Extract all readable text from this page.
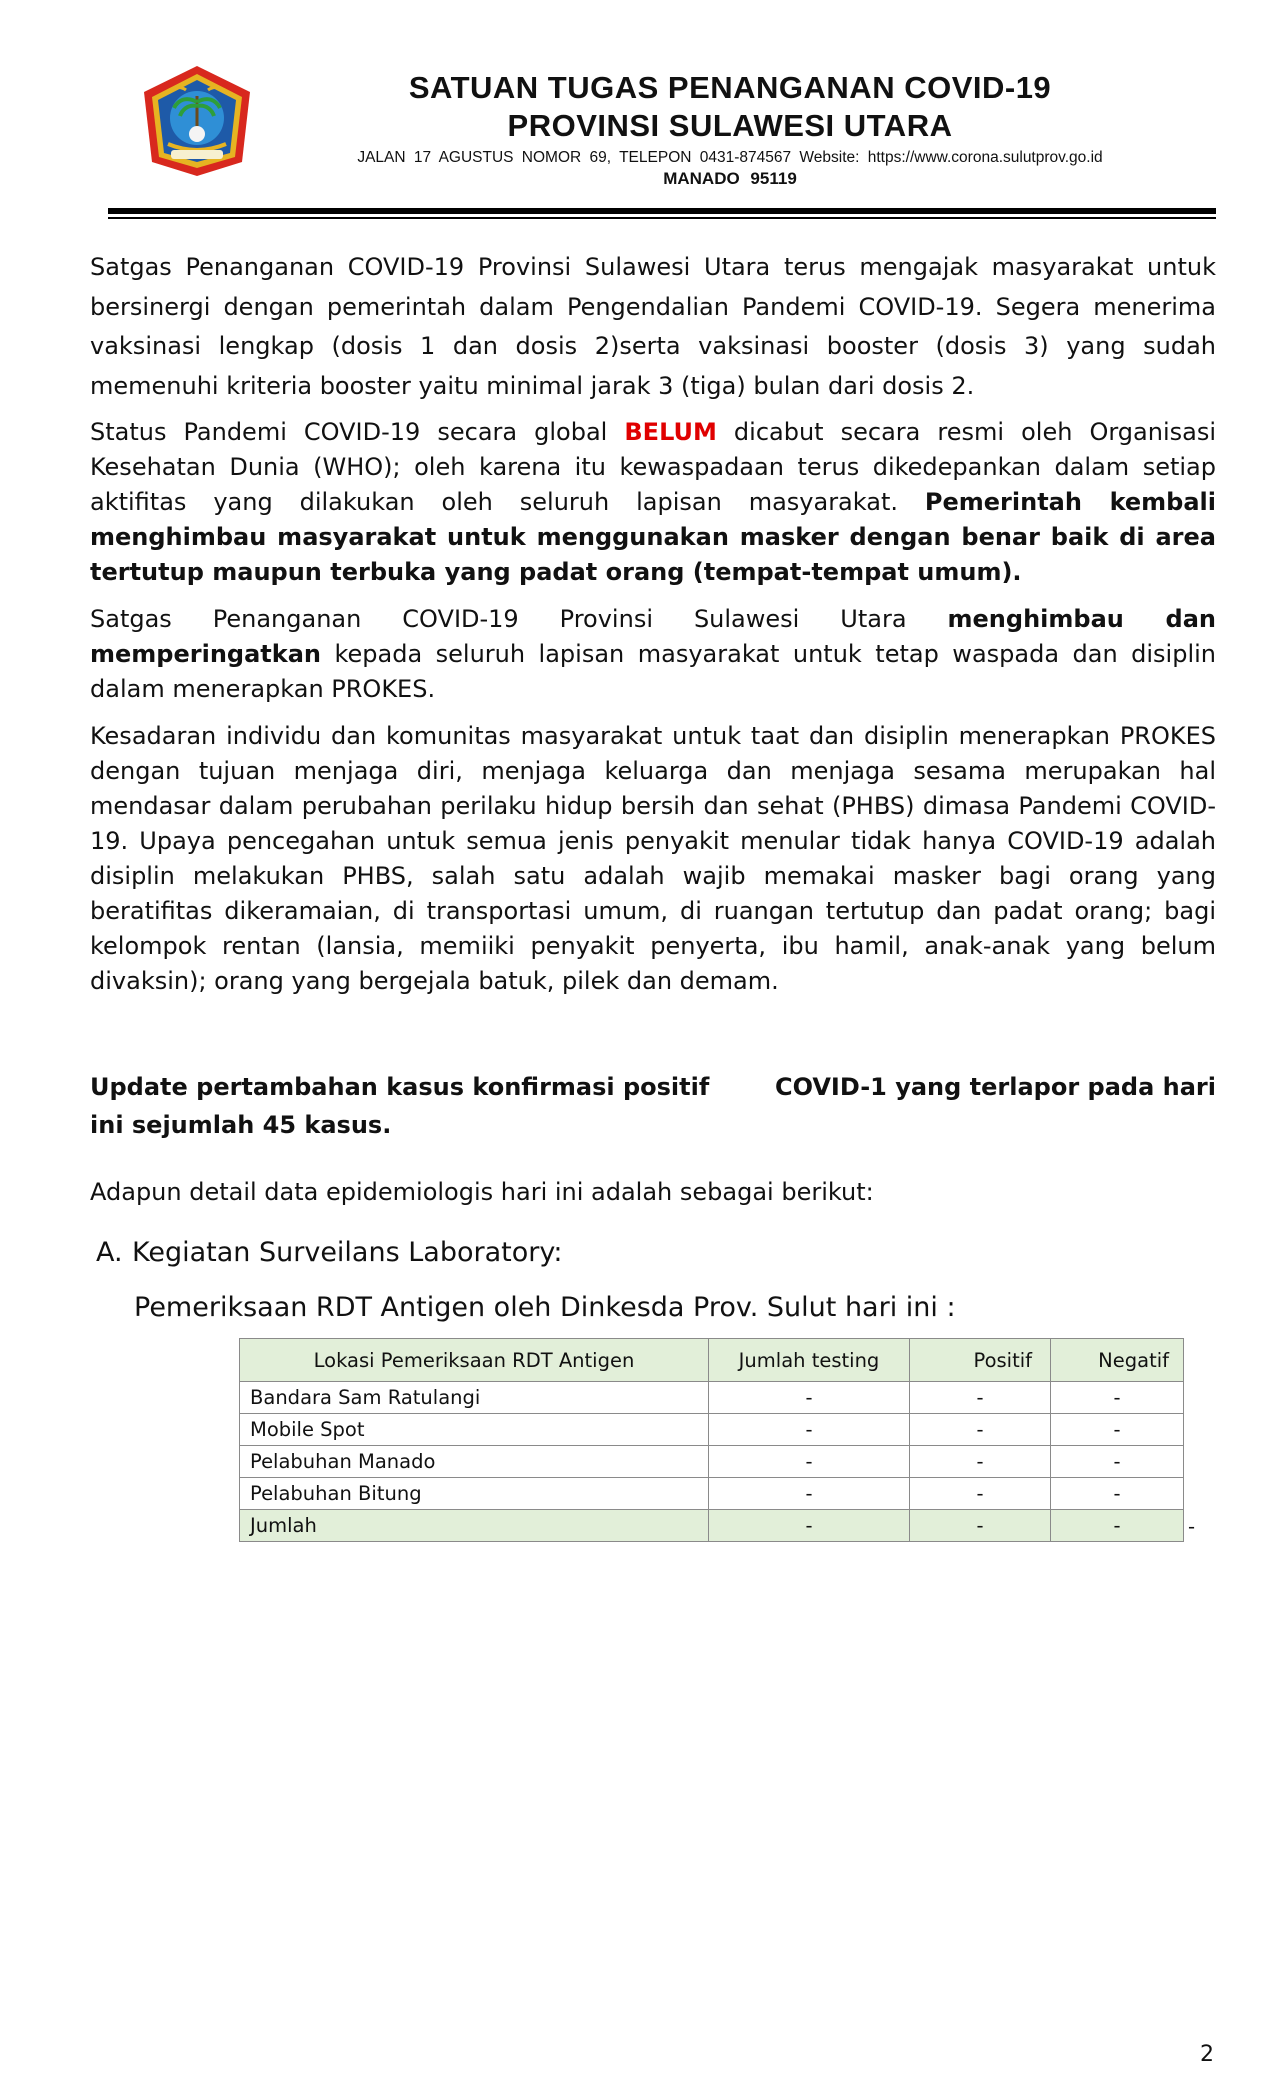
SATUAN TUGAS PENANGANAN COVID-19
PROVINSI SULAWESI UTARA
JALAN 17 AGUSTUS NOMOR 69, TELEPON 0431-874567 Website: https://www.corona.sulutprov.go.id
MANADO 95119

Satgas Penanganan COVID-19 Provinsi Sulawesi Utara terus mengajak masyarakat untuk bersinergi dengan pemerintah dalam Pengendalian Pandemi COVID-19. Segera menerima vaksinasi lengkap (dosis 1 dan dosis 2)serta vaksinasi booster (dosis 3) yang sudah memenuhi kriteria booster yaitu minimal jarak 3 (tiga) bulan dari dosis 2.

Status Pandemi COVID-19 secara global BELUM dicabut secara resmi oleh Organisasi Kesehatan Dunia (WHO); oleh karena itu kewaspadaan terus dikedepankan dalam setiap aktifitas yang dilakukan oleh seluruh lapisan masyarakat. Pemerintah kembali menghimbau masyarakat untuk menggunakan masker dengan benar baik di area tertutup maupun terbuka yang padat orang (tempat-tempat umum).

Satgas Penanganan COVID-19 Provinsi Sulawesi Utara menghimbau dan memperingatkan kepada seluruh lapisan masyarakat untuk tetap waspada dan disiplin dalam menerapkan PROKES.

Kesadaran individu dan komunitas masyarakat untuk taat dan disiplin menerapkan PROKES dengan tujuan menjaga diri, menjaga keluarga dan menjaga sesama merupakan hal mendasar dalam perubahan perilaku hidup bersih dan sehat (PHBS) dimasa Pandemi COVID-19. Upaya pencegahan untuk semua jenis penyakit menular tidak hanya COVID-19 adalah disiplin melakukan PHBS, salah satu adalah wajib memakai masker bagi orang yang beratifitas dikeramaian, di transportasi umum, di ruangan tertutup dan padat orang; bagi kelompok rentan (lansia, memiiki penyakit penyerta, ibu hamil, anak-anak yang belum divaksin); orang yang bergejala batuk, pilek dan demam.

Update pertambahan kasus konfirmasi positif	COVID-1 yang terlapor pada hari
ini sejumlah 45 kasus.
Adapun detail data epidemiologis hari ini adalah sebagai berikut:
A. Kegiatan Surveilans Laboratory:
Pemeriksaan RDT Antigen oleh Dinkesda Prov. Sulut hari ini :
Lokasi Pemeriksaan RDT Antigen	Jumlah testing	Positif	Negatif
Bandara Sam Ratulangi	-	-	-
Mobile Spot	-	-	-
Pelabuhan Manado	-	-	-
Pelabuhan Bitung	-	-	-
Jumlah	-	-	-	-
2
